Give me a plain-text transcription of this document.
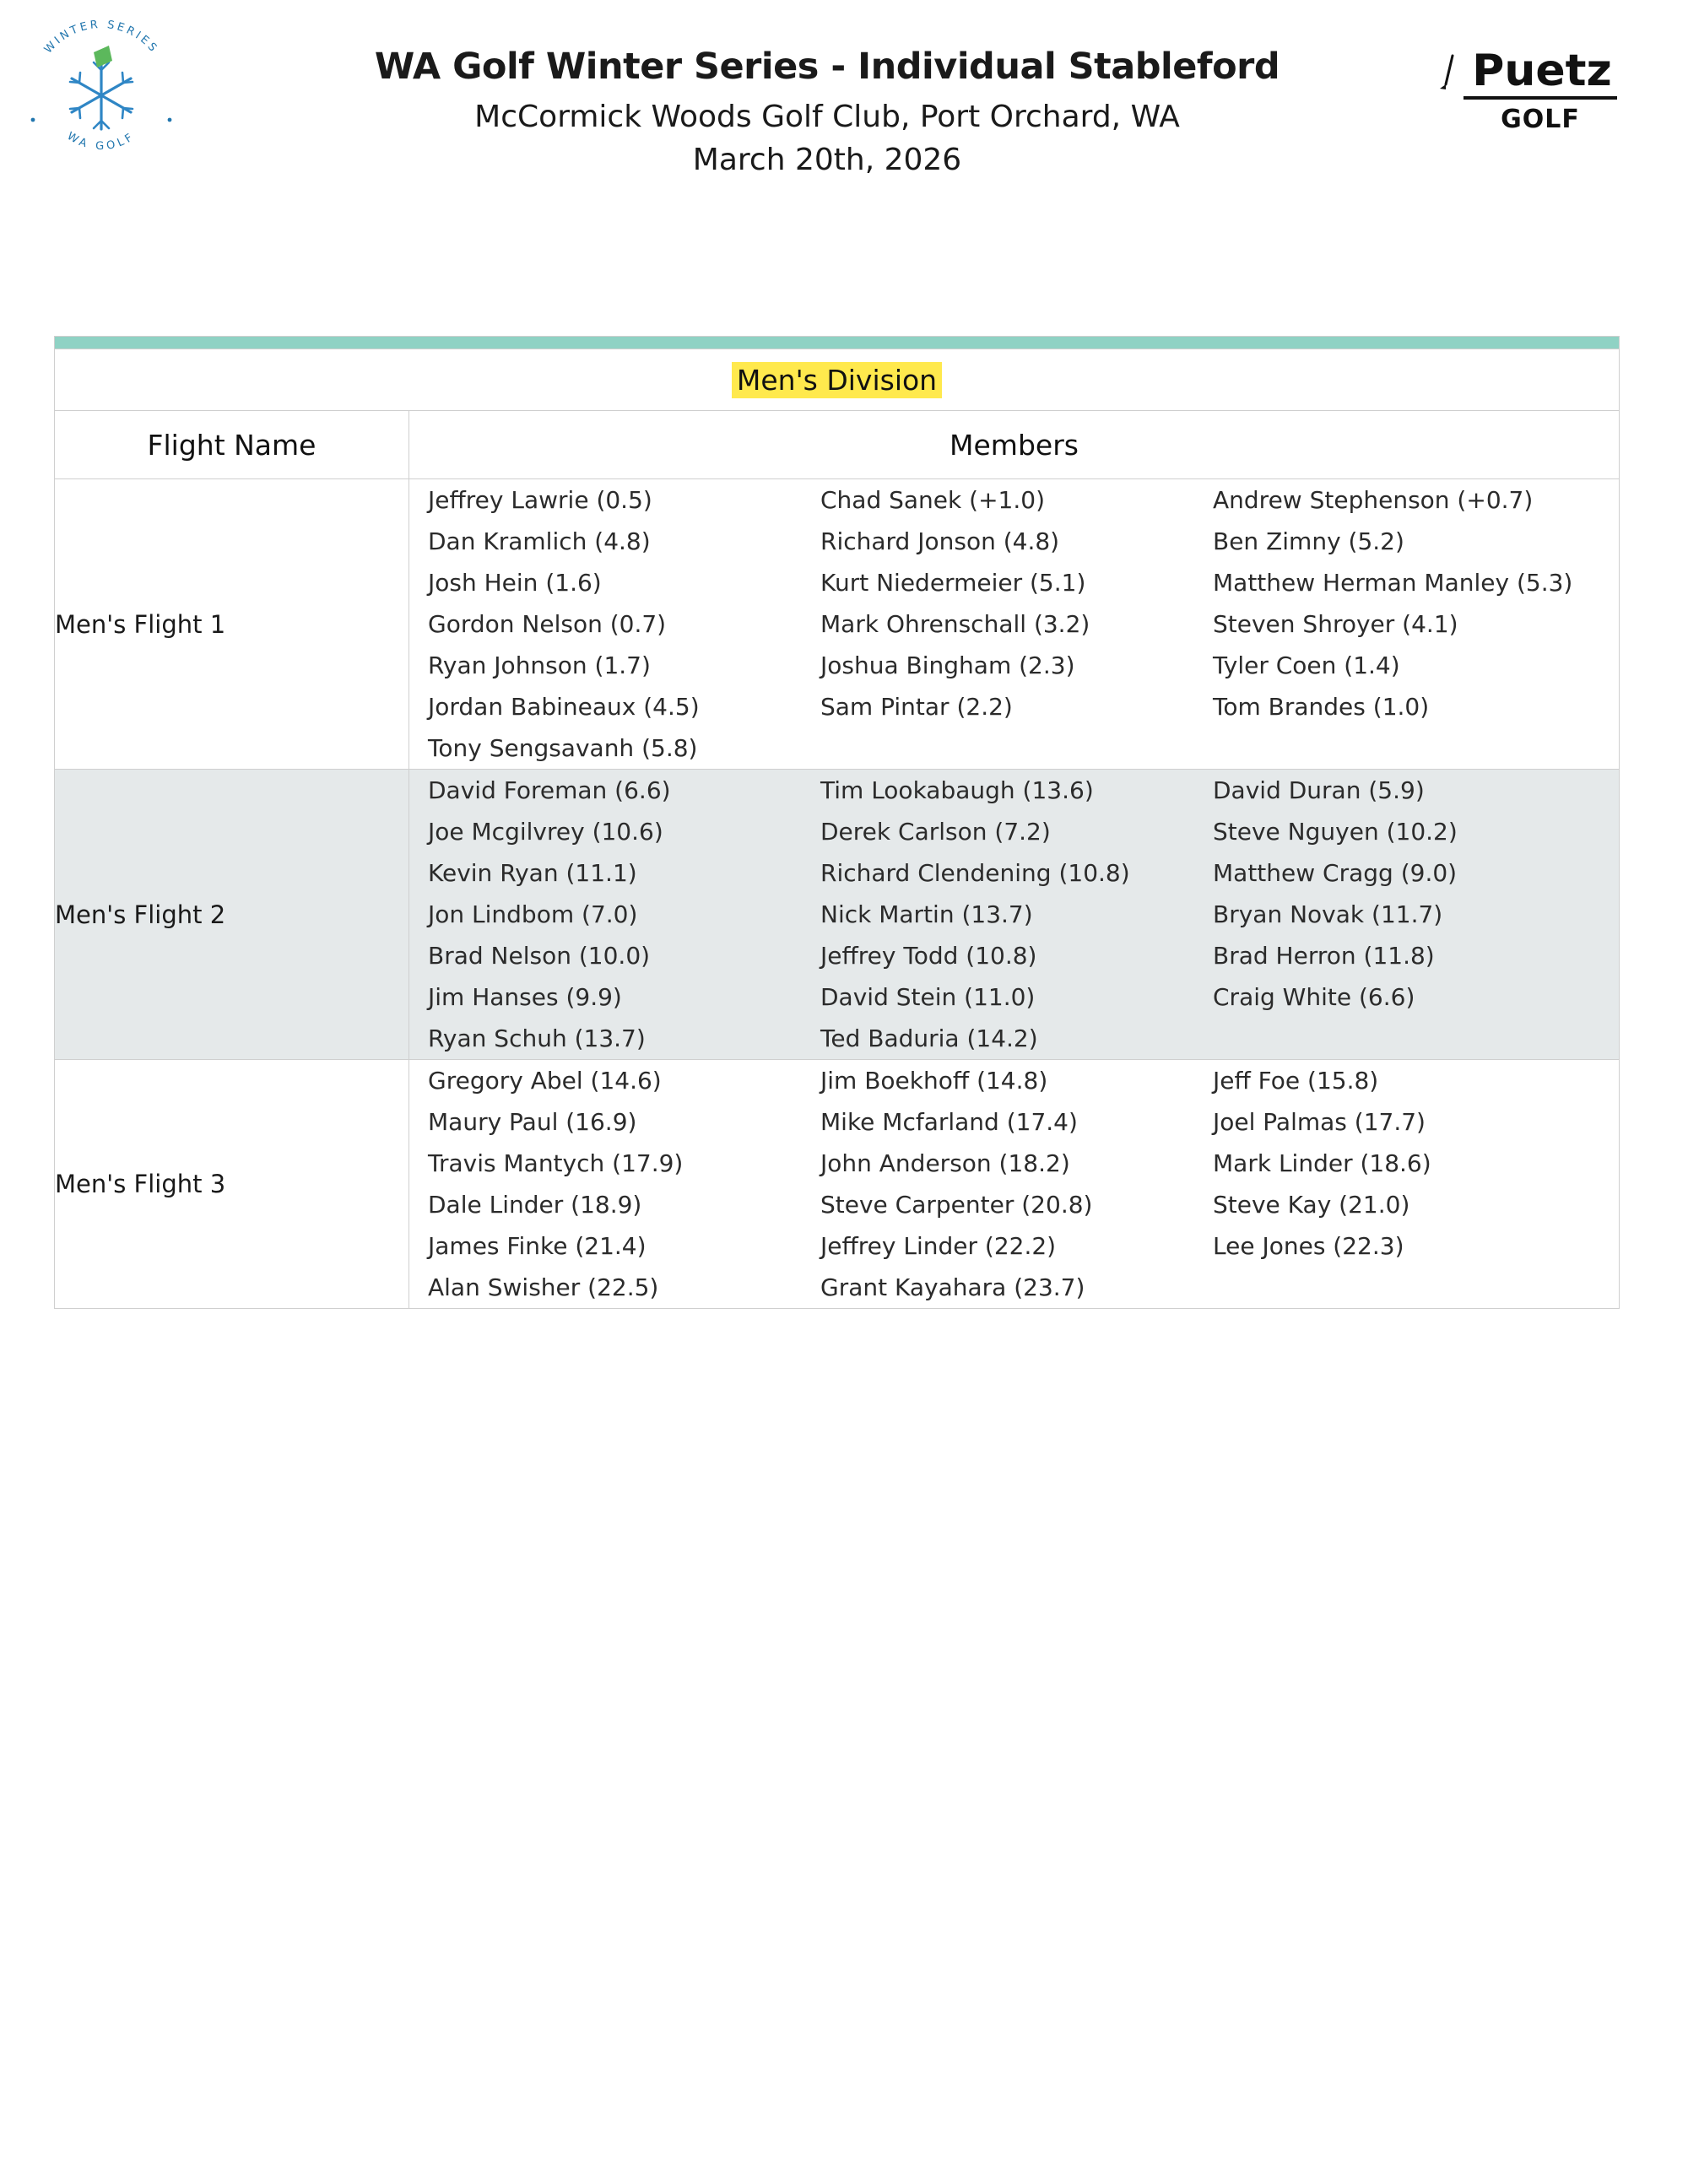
WINTER SERIES
WA GOLF
WA Golf Winter Series - Individual Stableford
McCormick Woods Golf Club, Port Orchard, WA
March 20th, 2026
Puetz
GOLF
Men's Division	
Flight Name	Members
Men's Flight 1	
Jeffrey Lawrie (0.5)	Chad Sanek (+1.0)	Andrew Stephenson (+0.7)
Dan Kramlich (4.8)	Richard Jonson (4.8)	Ben Zimny (5.2)
Josh Hein (1.6)	Kurt Niedermeier (5.1)	Matthew Herman Manley (5.3)
Gordon Nelson (0.7)	Mark Ohrenschall (3.2)	Steven Shroyer (4.1)
Ryan Johnson (1.7)	Joshua Bingham (2.3)	Tyler Coen (1.4)
Jordan Babineaux (4.5)	Sam Pintar (2.2)	Tom Brandes (1.0)
Tony Sengsavanh (5.8)

Men's Flight 2	
David Foreman (6.6)	Tim Lookabaugh (13.6)	David Duran (5.9)
Joe Mcgilvrey (10.6)	Derek Carlson (7.2)	Steve Nguyen (10.2)
Kevin Ryan (11.1)	Richard Clendening (10.8)	Matthew Cragg (9.0)
Jon Lindbom (7.0)	Nick Martin (13.7)	Bryan Novak (11.7)
Brad Nelson (10.0)	Jeffrey Todd (10.8)	Brad Herron (11.8)
Jim Hanses (9.9)	David Stein (11.0)	Craig White (6.6)
Ryan Schuh (13.7)	Ted Baduria (14.2)

Men's Flight 3	
Gregory Abel (14.6)	Jim Boekhoff (14.8)	Jeff Foe (15.8)
Maury Paul (16.9)	Mike Mcfarland (17.4)	Joel Palmas (17.7)
Travis Mantych (17.9)	John Anderson (18.2)	Mark Linder (18.6)
Dale Linder (18.9)	Steve Carpenter (20.8)	Steve Kay (21.0)
James Finke (21.4)	Jeffrey Linder (22.2)	Lee Jones (22.3)
Alan Swisher (22.5)	Grant Kayahara (23.7)
